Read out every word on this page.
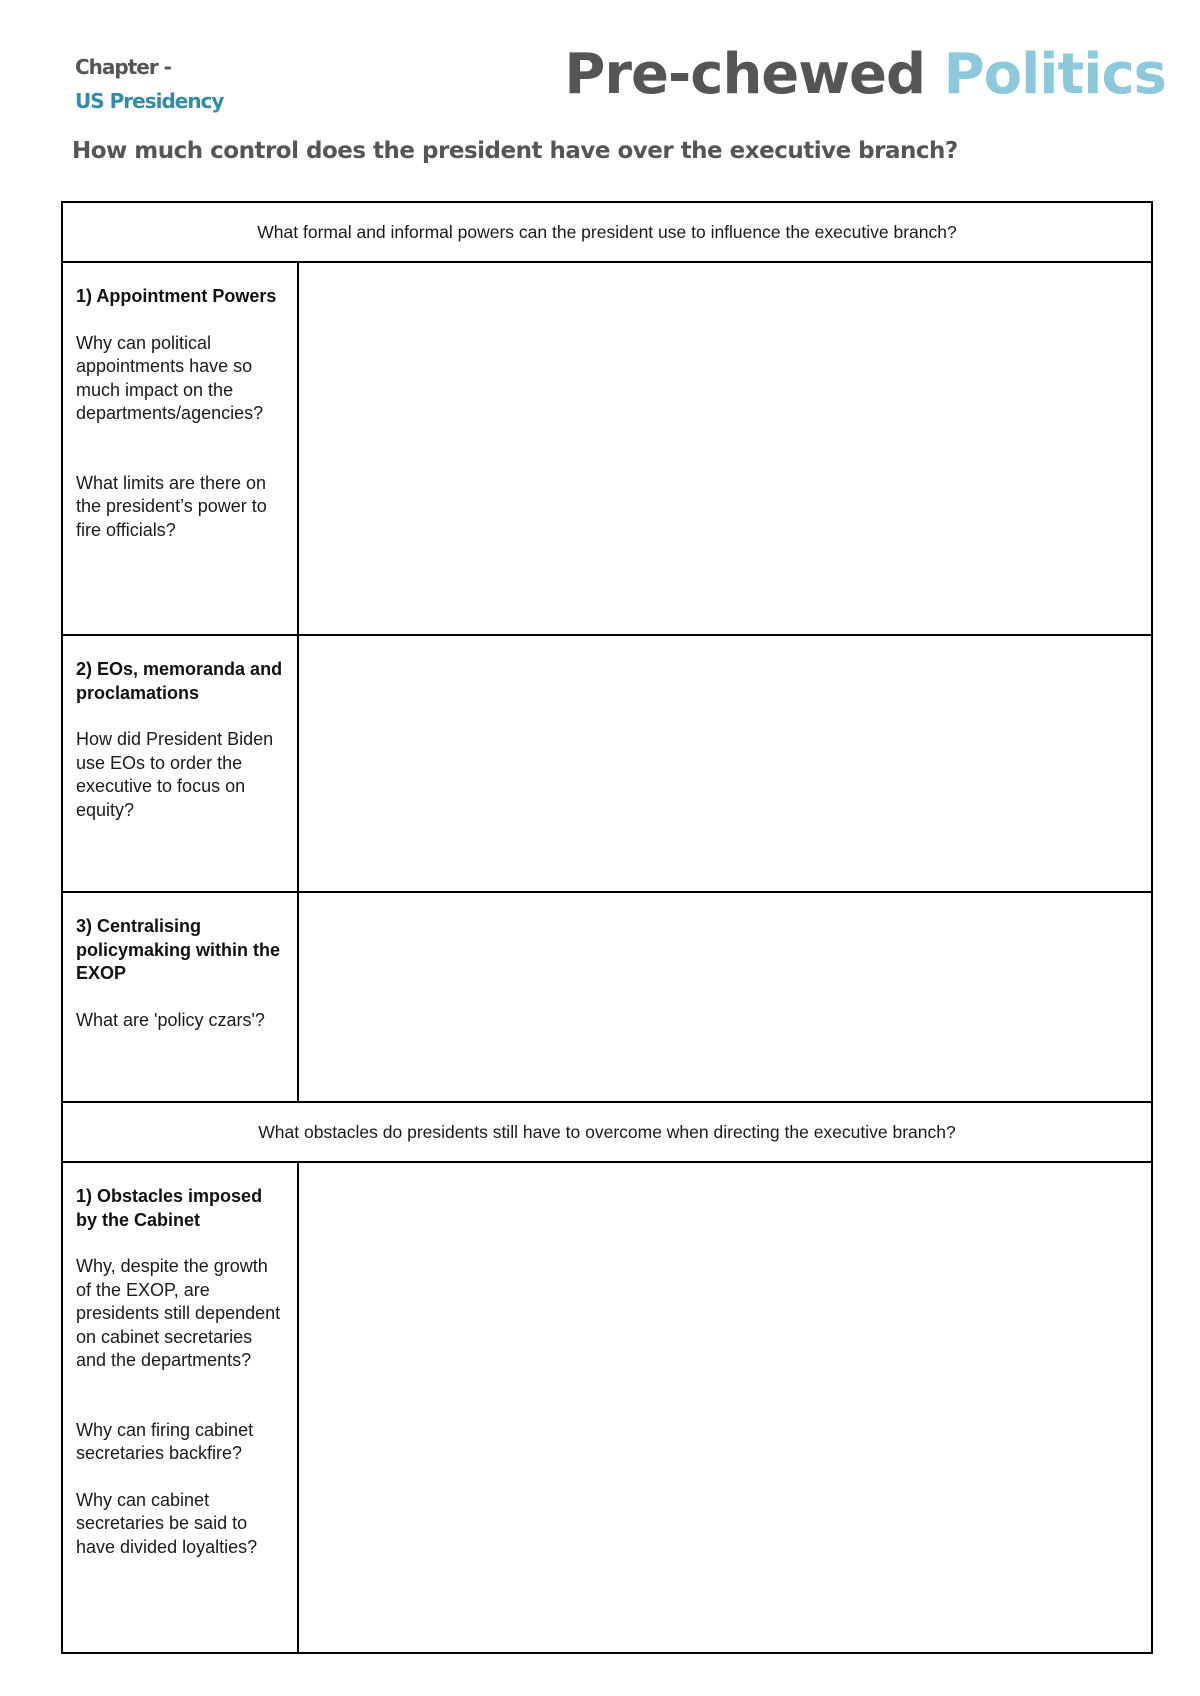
Chapter -
US Presidency	Pre-chewed Politics
How much control does the president have over the executive branch?
What formal and informal powers can the president use to influence the executive branch?
1) Appointment Powers

Why can political appointments have so much impact on the departments/agencies?

What limits are there on the president’s power to fire officials?

2) EOs, memoranda and proclamations

How did President Biden use EOs to order the executive to focus on equity?

3) Centralising policymaking within the EXOP

What are 'policy czars'?

What obstacles do presidents still have to overcome when directing the executive branch?
1) Obstacles imposed by the Cabinet

Why, despite the growth of the EXOP, are presidents still dependent on cabinet secretaries and the departments?

Why can firing cabinet secretaries backfire?

Why can cabinet secretaries be said to have divided loyalties?
